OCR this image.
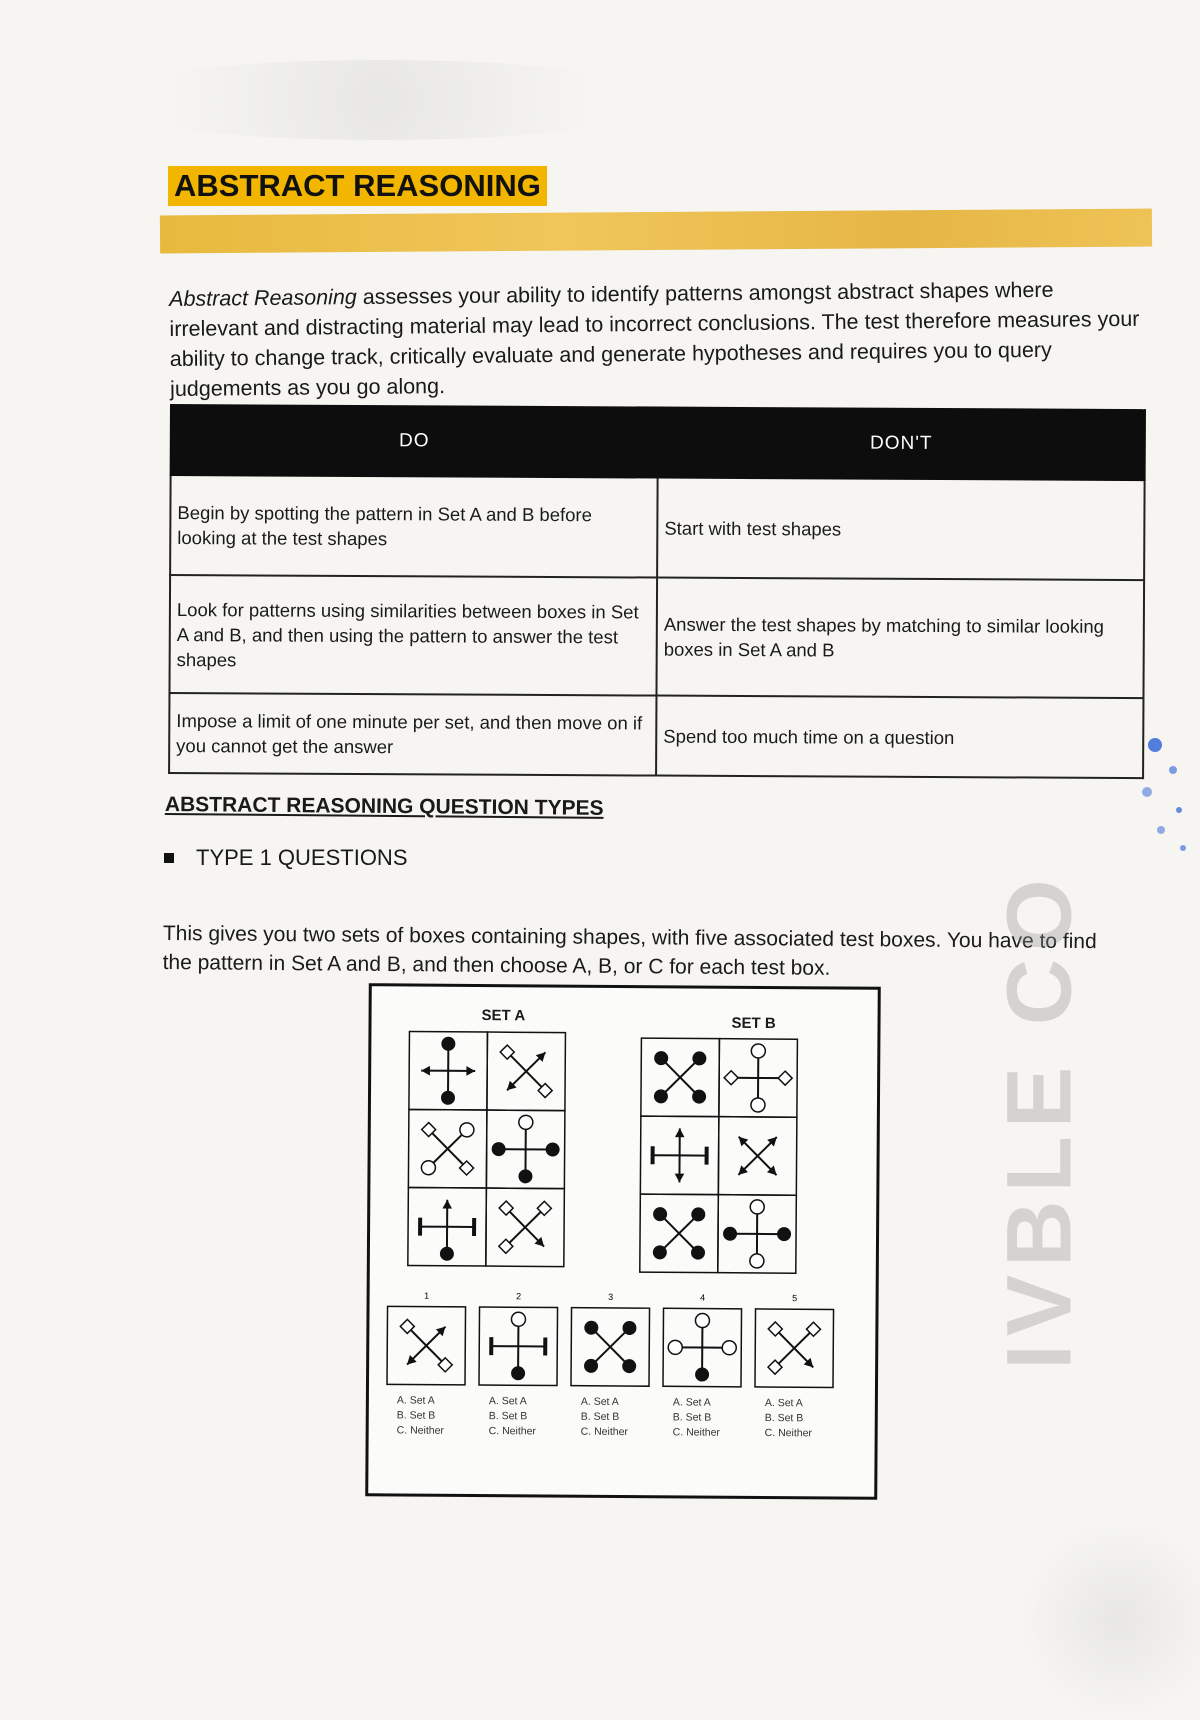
ABSTRACT REASONING

Abstract Reasoning assesses your ability to identify patterns amongst abstract shapes where irrelevant and distracting material may lead to incorrect conclusions. The test therefore measures your ability to change track, critically evaluate and generate hypotheses and requires you to query judgements as you go along.

DO	DON'T
Begin by spotting the pattern in Set A and B before looking at the test shapes	Start with test shapes
Look for patterns using similarities between boxes in Set A and B, and then using the pattern to answer the test shapes	Answer the test shapes by matching to similar looking boxes in Set A and B
Impose a limit of one minute per set, and then move on if you cannot get the answer	Spend too much time on a question
ABSTRACT REASONING QUESTION TYPES
TYPE 1 QUESTIONS

This gives you two sets of boxes containing shapes, with five associated test boxes. You have to find the pattern in Set A and B, and then choose A, B, or C for each test box.

SET A	SET B
1	2	3	4	5
A. Set A
B. Set B
C. Neither
A. Set A
B. Set B
C. Neither
A. Set A
B. Set B
C. Neither
A. Set A
B. Set B
C. Neither
A. Set A
B. Set B
C. Neither
IVBLE CO
